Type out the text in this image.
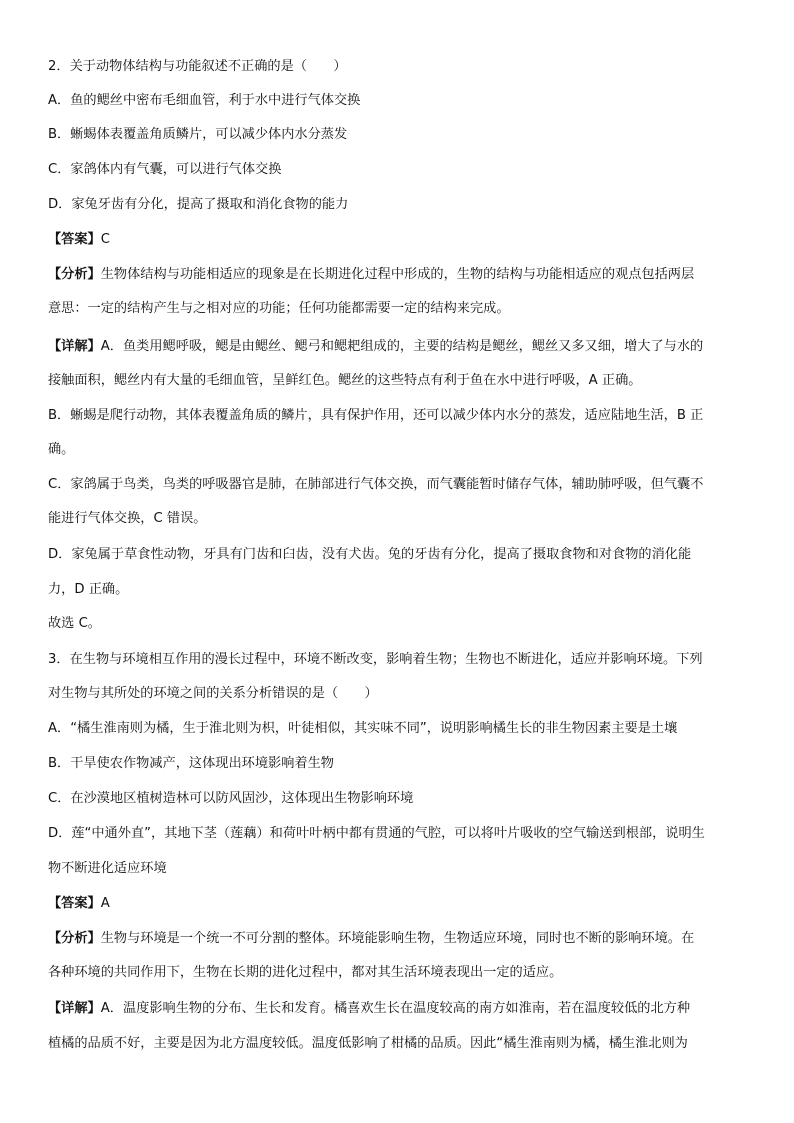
2．关于动物体结构与功能叙述不正确的是（　　）
A．鱼的鳃丝中密布毛细血管，利于水中进行气体交换
B．蜥蜴体表覆盖角质鳞片，可以减少体内水分蒸发
C．家鸽体内有气囊，可以进行气体交换
D．家兔牙齿有分化，提高了摄取和消化食物的能力
【答案】C
【分析】生物体结构与功能相适应的现象是在长期进化过程中形成的，生物的结构与功能相适应的观点包括两层
意思：一定的结构产生与之相对应的功能；任何功能都需要一定的结构来完成。
【详解】A．鱼类用鳃呼吸，鳃是由鳃丝、鳃弓和鳃耙组成的，主要的结构是鳃丝，鳃丝又多又细，增大了与水的
接触面积，鳃丝内有大量的毛细血管，呈鲜红色。鳃丝的这些特点有利于鱼在水中进行呼吸，A 正确。
B．蜥蜴是爬行动物，其体表覆盖角质的鳞片，具有保护作用，还可以减少体内水分的蒸发，适应陆地生活，B 正
确。
C．家鸽属于鸟类，鸟类的呼吸器官是肺，在肺部进行气体交换，而气囊能暂时储存气体，辅助肺呼吸，但气囊不
能进行气体交换，C 错误。
D．家兔属于草食性动物，牙具有门齿和臼齿，没有犬齿。兔的牙齿有分化，提高了摄取食物和对食物的消化能
力，D 正确。
故选 C。
3．在生物与环境相互作用的漫长过程中，环境不断改变，影响着生物；生物也不断进化，适应并影响环境。下列
对生物与其所处的环境之间的关系分析错误的是（　　）
A．“橘生淮南则为橘，生于淮北则为枳，叶徒相似，其实味不同”，说明影响橘生长的非生物因素主要是土壤
B．干旱使农作物减产，这体现出环境影响着生物
C．在沙漠地区植树造林可以防风固沙，这体现出生物影响环境
D．莲“中通外直”，其地下茎（莲藕）和荷叶叶柄中都有贯通的气腔，可以将叶片吸收的空气输送到根部，说明生
物不断进化适应环境
【答案】A
【分析】生物与环境是一个统一不可分割的整体。环境能影响生物，生物适应环境，同时也不断的影响环境。在
各种环境的共同作用下，生物在长期的进化过程中，都对其生活环境表现出一定的适应。
【详解】A．温度影响生物的分布、生长和发育。橘喜欢生长在温度较高的南方如淮南，若在温度较低的北方种
植橘的品质不好，主要是因为北方温度较低。温度低影响了柑橘的品质。因此“橘生淮南则为橘，橘生淮北则为
